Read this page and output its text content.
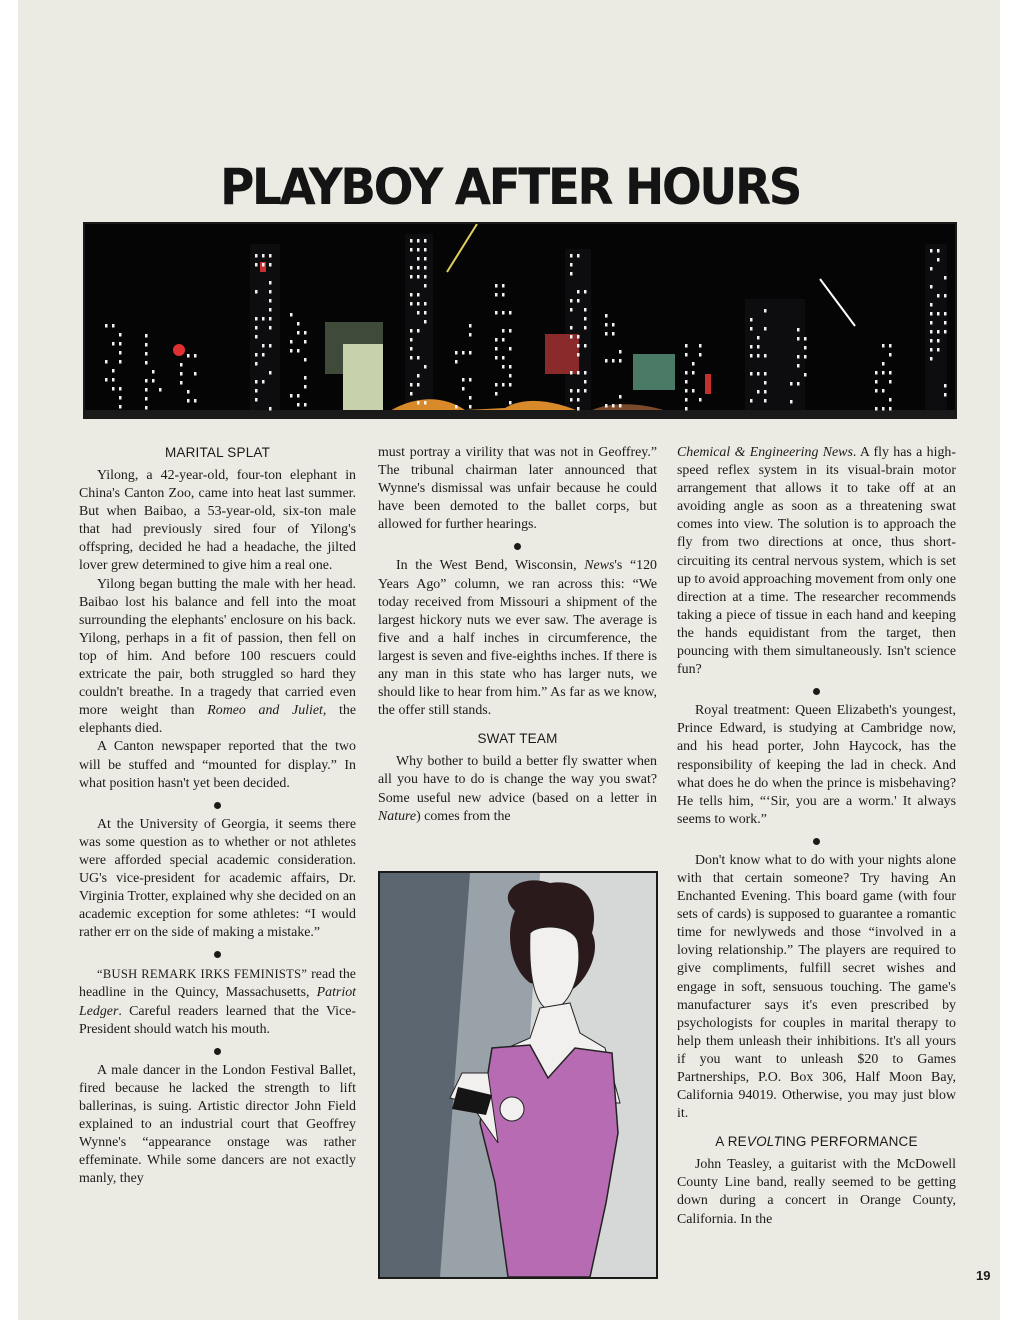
PLAYBOY AFTER HOURS
MARITAL SPLAT

Yilong, a 42-year-old, four-ton elephant in China's Canton Zoo, came into heat last summer. But when Baibao, a 53-year-old, six-ton male that had previously sired four of Yilong's offspring, decided he had a headache, the jilted lover grew determined to give him a real one.

Yilong began butting the male with her head. Baibao lost his balance and fell into the moat surrounding the elephants' enclosure on his back. Yilong, perhaps in a fit of passion, then fell on top of him. And before 100 rescuers could extricate the pair, both struggled so hard they couldn't breathe. In a tragedy that carried even more weight than Romeo and Juliet, the elephants died.

A Canton newspaper reported that the two will be stuffed and “mounted for display.” In what position hasn't yet been decided.

At the University of Georgia, it seems there was some question as to whether or not athletes were afforded special academic consideration. UG's vice-president for academic affairs, Dr. Virginia Trotter, explained why she decided on an academic exception for some athletes: “I would rather err on the side of making a mistake.”

“BUSH REMARK IRKS FEMINISTS” read the headline in the Quincy, Massachusetts, Patriot Ledger. Careful readers learned that the Vice-President should watch his mouth.

A male dancer in the London Festival Ballet, fired because he lacked the strength to lift ballerinas, is suing. Artistic director John Field explained to an industrial court that Geoffrey Wynne's “appearance onstage was rather effeminate. While some dancers are not exactly manly, they

must portray a virility that was not in Geoffrey.” The tribunal chairman later announced that Wynne's dismissal was unfair because he could have been demoted to the ballet corps, but allowed for further hearings.

In the West Bend, Wisconsin, News's “120 Years Ago” column, we ran across this: “We today received from Missouri a shipment of the largest hickory nuts we ever saw. The average is five and a half inches in circumference, the largest is seven and five-eighths inches. If there is any man in this state who has larger nuts, we should like to hear from him.” As far as we know, the offer still stands.

SWAT TEAM

Why bother to build a better fly swatter when all you have to do is change the way you swat? Some useful new advice (based on a letter in Nature) comes from the

Chemical & Engineering News. A fly has a high-speed reflex system in its visual-brain motor arrangement that allows it to take off at an avoiding angle as soon as a threatening swat comes into view. The solution is to approach the fly from two directions at once, thus short-circuiting its central nervous system, which is set up to avoid approaching movement from only one direction at a time. The researcher recommends taking a piece of tissue in each hand and keeping the hands equidistant from the target, then pouncing with them simultaneously. Isn't science fun?

Royal treatment: Queen Elizabeth's youngest, Prince Edward, is studying at Cambridge now, and his head porter, John Haycock, has the responsibility of keeping the lad in check. And what does he do when the prince is misbehaving? He tells him, “‘Sir, you are a worm.' It always seems to work.”

Don't know what to do with your nights alone with that certain someone? Try having An Enchanted Evening. This board game (with four sets of cards) is supposed to guarantee a romantic time for newlyweds and those “involved in a loving relationship.” The players are required to give compliments, fulfill secret wishes and engage in soft, sensuous touching. The game's manufacturer says it's even prescribed by psychologists for couples in marital therapy to help them unleash their inhibitions. It's all yours if you want to unleash $20 to Games Partnerships, P.O. Box 306, Half Moon Bay, California 94019. Otherwise, you may just blow it.

A REVOLTING PERFORMANCE

John Teasley, a guitarist with the McDowell County Line band, really seemed to be getting down during a concert in Orange County, California. In the

19
